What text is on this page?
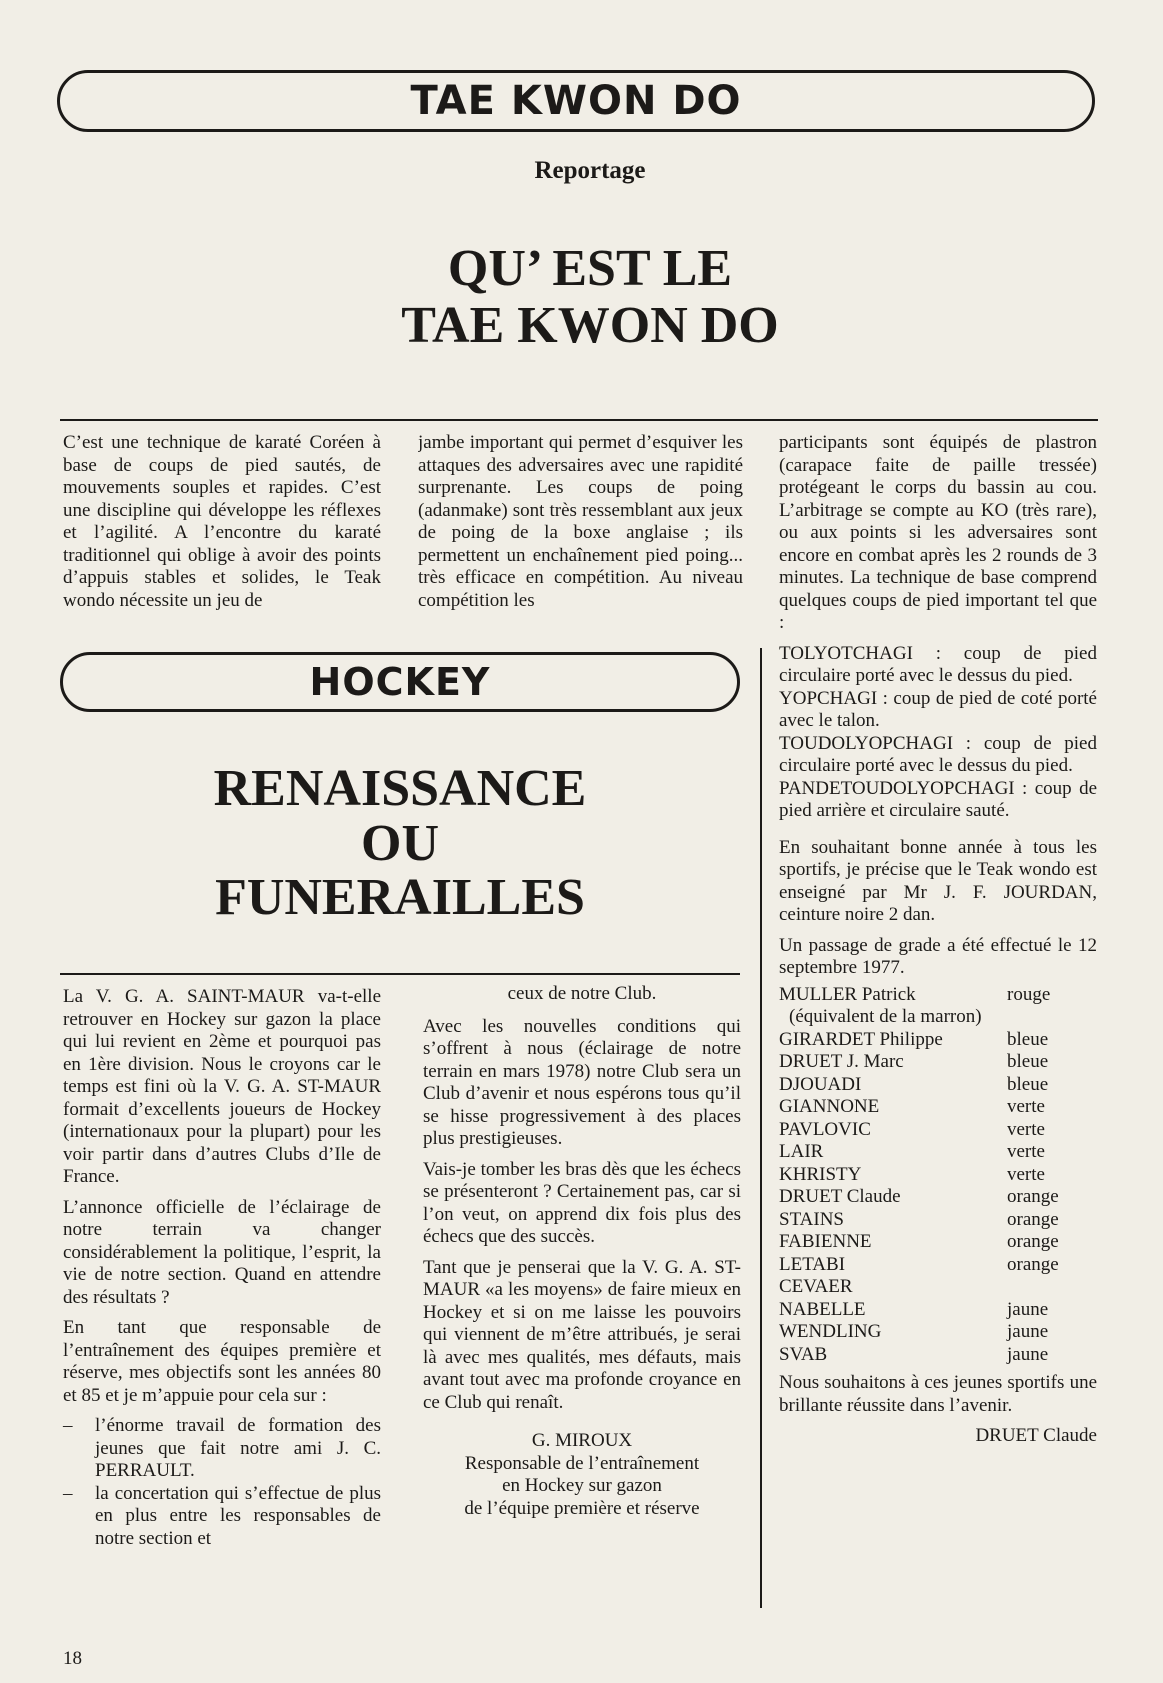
TAE KWON DO
Reportage
QU’ EST LE
TAE KWON DO

C’est une technique de karaté Coréen à base de coups de pied sautés, de mouvements souples et rapides. C’est une discipline qui développe les réflexes et l’agilité. A l’encontre du karaté traditionnel qui oblige à avoir des points d’appuis stables et solides, le Teak wondo nécessite un jeu de

jambe important qui permet d’esquiver les attaques des adversaires avec une rapidité surprenante. Les coups de poing (adanmake) sont très ressemblant aux jeux de poing de la boxe anglaise ; ils permettent un enchaînement pied poing... très efficace en compétition. Au niveau compétition les

participants sont équipés de plastron (carapace faite de paille tressée) protégeant le corps du bassin au cou. L’arbitrage se compte au KO (très rare), ou aux points si les adversaires sont encore en combat après les 2 rounds de 3 minutes. La technique de base comprend quelques coups de pied important tel que :

TOLYOTCHAGI : coup de pied circulaire porté avec le dessus du pied.

YOPCHAGI : coup de pied de coté porté avec le talon.

TOUDOLYOPCHAGI : coup de pied circulaire porté avec le dessus du pied.

PANDETOUDOLYOPCHAGI : coup de pied arrière et circulaire sauté.

En souhaitant bonne année à tous les sportifs, je précise que le Teak wondo est enseigné par Mr J. F. JOURDAN, ceinture noire 2 dan.

Un passage de grade a été effectué le 12 septembre 1977.

MULLER Patrick	rouge
(équivalent de la marron)	
GIRARDET Philippe	bleue
DRUET J. Marc	bleue
DJOUADI	bleue
GIANNONE	verte
PAVLOVIC	verte
LAIR	verte
KHRISTY	verte
DRUET Claude	orange
STAINS	orange
FABIENNE	orange
LETABI	orange
CEVAER	
NABELLE	jaune
WENDLING	jaune
SVAB	jaune

Nous souhaitons à ces jeunes sportifs une brillante réussite dans l’avenir.

DRUET Claude

HOCKEY
RENAISSANCE
OU
FUNERAILLES

La V. G. A. SAINT-MAUR va-t-elle retrouver en Hockey sur gazon la place qui lui revient en 2ème et pourquoi pas en 1ère division. Nous le croyons car le temps est fini où la V. G. A. ST-MAUR formait d’excellents joueurs de Hockey (internationaux pour la plupart) pour les voir partir dans d’autres Clubs d’Ile de France.

L’annonce officielle de l’éclairage de notre terrain va changer considérablement la politique, l’esprit, la vie de notre section. Quand en attendre des résultats ?

En tant que responsable de l’entraînement des équipes première et réserve, mes objectifs sont les années 80 et 85 et je m’appuie pour cela sur :

–	l’énorme travail de formation des jeunes que fait notre ami J. C. PERRAULT.
–	la concertation qui s’effectue de plus en plus entre les responsables de notre section et

ceux de notre Club.

Avec les nouvelles conditions qui s’offrent à nous (éclairage de notre terrain en mars 1978) notre Club sera un Club d’avenir et nous espérons tous qu’il se hisse progressivement à des places plus prestigieuses.

Vais-je tomber les bras dès que les échecs se présenteront ? Certainement pas, car si l’on veut, on apprend dix fois plus des échecs que des succès.

Tant que je penserai que la V. G. A. ST-MAUR «a les moyens» de faire mieux en Hockey et si on me laisse les pouvoirs qui viennent de m’être attribués, je serai là avec mes qualités, mes défauts, mais avant tout avec ma profonde croyance en ce Club qui renaît.

G. MIROUX
Responsable de l’entraînement
en Hockey sur gazon
de l’équipe première et réserve
18
